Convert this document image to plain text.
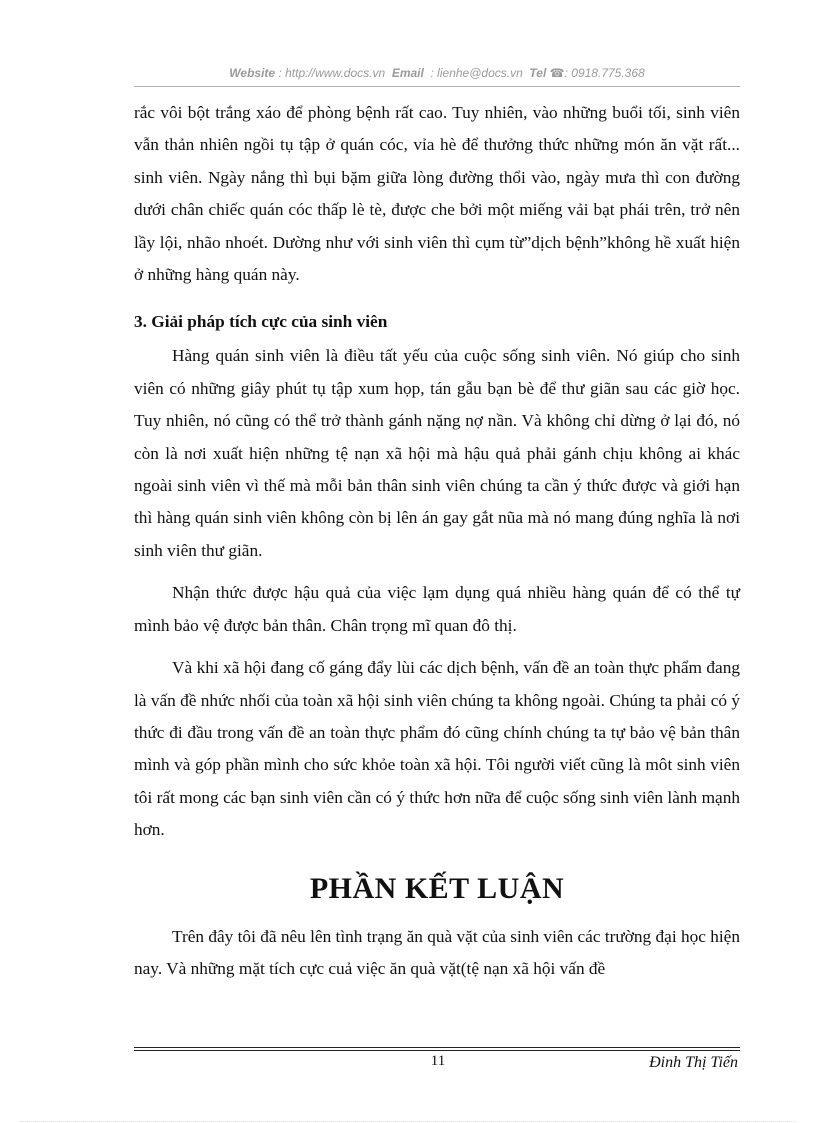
Website : http://www.docs.vn Email : lienhe@docs.vn Tel ☎: 0918.775.368

rắc vôi bột trắng xáo để phòng bệnh rất cao. Tuy nhiên, vào những buổi tối, sinh viên vẫn thản nhiên ngồi tụ tập ở quán cóc, vỉa hè để thưởng thức những món ăn vặt rất... sinh viên. Ngày nắng thì bụi bặm giữa lòng đường thổi vào, ngày mưa thì con đường dưới chân chiếc quán cóc thấp lè tè, được che bởi một miếng vải bạt phái trên, trở nên lầy lội, nhão nhoét. Dường như với sinh viên thì cụm từ”dịch bệnh”không hề xuất hiện ở những hàng quán này.

3. Giải pháp tích cực của sinh viên

Hàng quán sinh viên là điều tất yếu của cuộc sống sinh viên. Nó giúp cho sinh viên có những giây phút tụ tập xum họp, tán gẫu bạn bè để thư giãn sau các giờ học. Tuy nhiên, nó cũng có thể trở thành gánh nặng nợ nần. Và không chỉ dừng ở lại đó, nó còn là nơi xuất hiện những tệ nạn xã hội mà hậu quả phải gánh chịu không ai khác ngoài sinh viên vì thế mà mỗi bản thân sinh viên chúng ta cần ý thức được và giới hạn thì hàng quán sinh viên không còn bị lên án gay gắt nũa mà nó mang đúng nghĩa là nơi sinh viên thư giãn.

Nhận thức được hậu quả của việc lạm dụng quá nhiều hàng quán để có thể tự mình bảo vệ được bản thân. Chân trọng mĩ quan đô thị.

Và khi xã hội đang cố gáng đẩy lùi các dịch bệnh, vấn đề an toàn thực phẩm đang là vấn đề nhức nhối của toàn xã hội sinh viên chúng ta không ngoài. Chúng ta phải có ý thức đi đầu trong vấn đề an toàn thực phẩm đó cũng chính chúng ta tự bảo vệ bản thân mình và góp phần mình cho sức khỏe toàn xã hội. Tôi người viết cũng là môt sinh viên tôi rất mong các bạn sinh viên cần có ý thức hơn nữa để cuộc sống sinh viên lành mạnh hơn.

PHẦN KẾT LUẬN

Trên đây tôi đã nêu lên tình trạng ăn quà vặt của sinh viên các trường đại học hiện nay. Và những mặt tích cực cuả việc ăn quà vặt(tệ nạn xã hội vấn đề

11	Đinh Thị Tiến
